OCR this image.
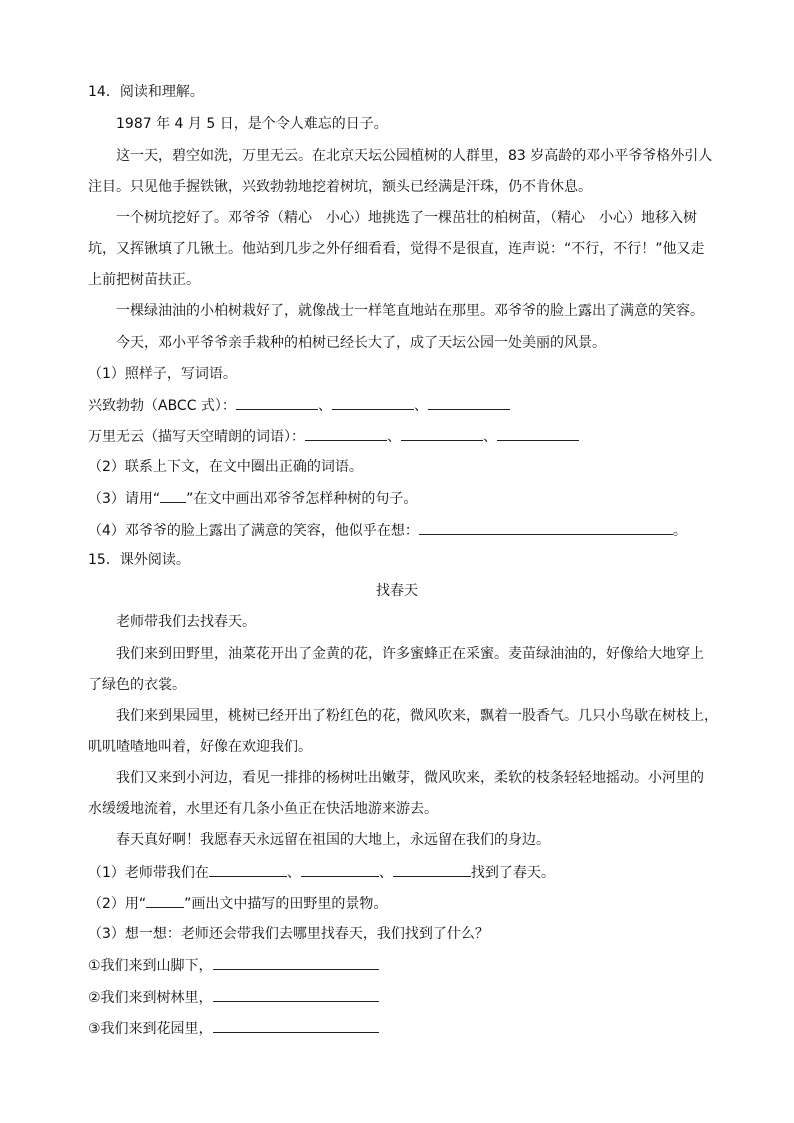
14．阅读和理解。
1987 年 4 月 5 日，是个令人难忘的日子。
这一天，碧空如洗，万里无云。在北京天坛公园植树的人群里，83 岁高龄的邓小平爷爷格外引人
注目。只见他手握铁锹，兴致勃勃地挖着树坑，额头已经满是汗珠，仍不肯休息。
一个树坑挖好了。邓爷爷（精心　小心）地挑选了一棵茁壮的柏树苗，（精心　小心）地移入树
坑，又挥锹填了几锹土。他站到几步之外仔细看看，觉得不是很直，连声说：“不行，不行！”他又走
上前把树苗扶正。
一棵绿油油的小柏树栽好了，就像战士一样笔直地站在那里。邓爷爷的脸上露出了满意的笑容。
今天，邓小平爷爷亲手栽种的柏树已经长大了，成了天坛公园一处美丽的风景。
（1）照样子，写词语。
兴致勃勃（ABCC 式）：	、	、
万里无云（描写天空晴朗的词语）：	、	、
（2）联系上下文，在文中圈出正确的词语。
（3）请用“ ”在文中画出邓爷爷怎样种树的句子。
（4）邓爷爷的脸上露出了满意的笑容，他似乎在想：	。
15．课外阅读。
找春天
老师带我们去找春天。
我们来到田野里，油菜花开出了金黄的花，许多蜜蜂正在采蜜。麦苗绿油油的，好像给大地穿上
了绿色的衣裳。
我们来到果园里，桃树已经开出了粉红色的花，微风吹来，飘着一股香气。几只小鸟歇在树枝上，
叽叽喳喳地叫着，好像在欢迎我们。
我们又来到小河边，看见一排排的杨树吐出嫩芽，微风吹来，柔软的枝条轻轻地摇动。小河里的
水缓缓地流着，水里还有几条小鱼正在快活地游来游去。
春天真好啊！我愿春天永远留在祖国的大地上，永远留在我们的身边。
（1）老师带我们在	、	、	找到了春天。
（2）用“	”画出文中描写的田野里的景物。
（3）想一想：老师还会带我们去哪里找春天，我们找到了什么？
①我们来到山脚下，
②我们来到树林里，
③我们来到花园里，
